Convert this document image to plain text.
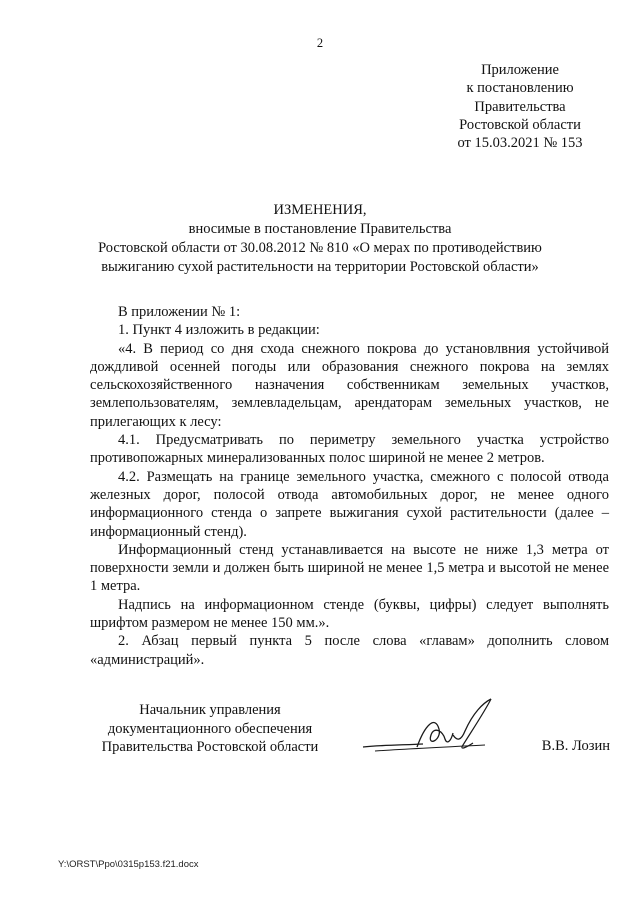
2
Приложение
к постановлению
Правительства
Ростовской области
от 15.03.2021 № 153
ИЗМЕНЕНИЯ,
вносимые в постановление Правительства
Ростовской области от 30.08.2012 № 810 «О мерах по противодействию
выжиганию сухой растительности на территории Ростовской области»

В приложении № 1:

1. Пункт 4 изложить в редакции:

«4. В период со дня схода снежного покрова до установлвния устойчивой дождливой осенней погоды или образования снежного покрова на землях сельскохозяйственного назначения собственникам земельных участков, землепользователям, землевладельцам, арендаторам земельных участков, не прилегающих к лесу:

4.1. Предусматривать по периметру земельного участка устройство противопожарных минерализованных полос шириной не менее 2 метров.

4.2. Размещать на границе земельного участка, смежного с полосой отвода железных дорог, полосой отвода автомобильных дорог, не менее одного информационного стенда о запрете выжигания сухой растительности (далее – информационный стенд).

Информационный стенд устанавливается на высоте не ниже 1,3 метра от поверхности земли и должен быть шириной не менее 1,5 метра и высотой не менее 1 метра.

Надпись на информационном стенде (буквы, цифры) следует выполнять шрифтом размером не менее 150 мм.».

2. Абзац первый пункта 5 после слова «главам» дополнить словом «администраций».

Начальник управления
документационного обеспечения
Правительства Ростовской области	В.В. Лозин
Y:\ORST\Ppo\0315p153.f21.docx
